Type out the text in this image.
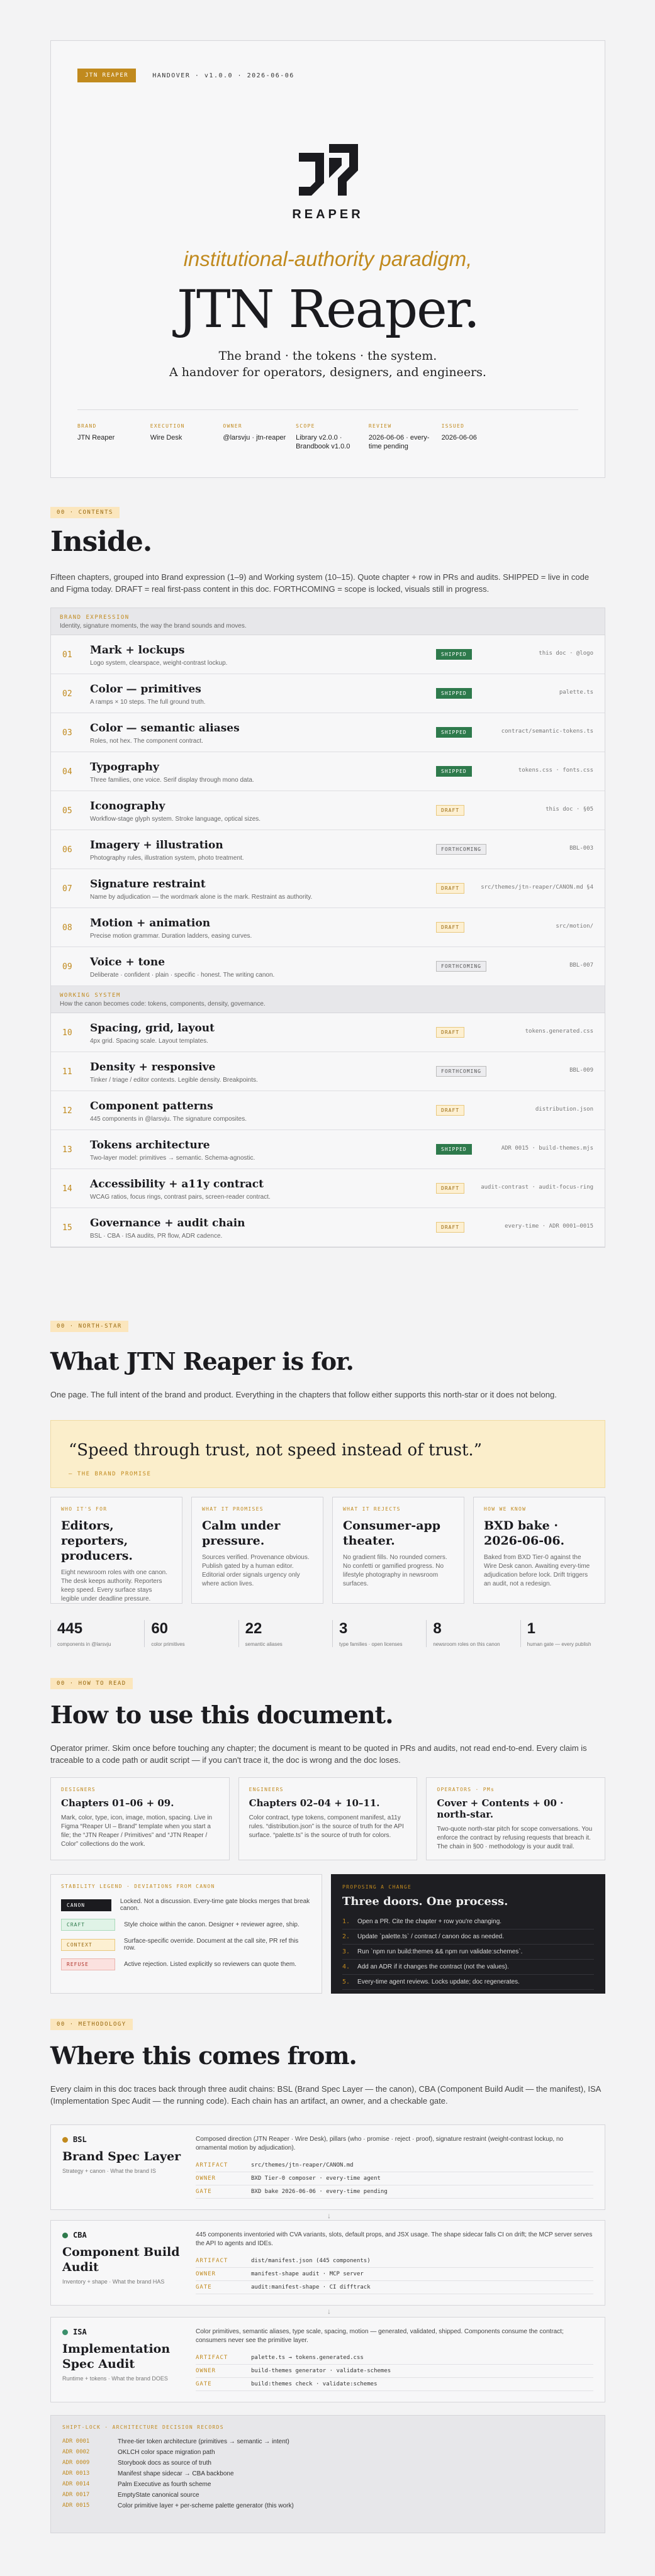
JTN REAPER	HANDOVER · v1.0.0 · 2026-06-06
REAPER
institutional-authority paradigm,
JTN Reaper.
The brand · the tokens · the system.
A handover for operators, designers, and engineers.
BRAND
JTN Reaper
EXECUTION
Wire Desk
OWNER
@larsvju · jtn-reaper
SCOPE
Library v2.0.0 · Brandbook v1.0.0
REVIEW
2026-06-06 · every-time pending
ISSUED
2026-06-06
00 · CONTENTS
Inside.

Fifteen chapters, grouped into Brand expression (1–9) and Working system (10–15). Quote chapter + row in PRs and audits. SHIPPED = live in code and Figma today. DRAFT = real first-pass content in this doc. FORTHCOMING = scope is locked, visuals still in progress.

BRAND EXPRESSION
Identity, signature moments, the way the brand sounds and moves.
01 Mark + lockups
Logo system, clearspace, weight-contrast lockup.
SHIPPED	this doc · @logo
02 Color — primitives
A ramps × 10 steps. The full ground truth.
SHIPPED	palette.ts
03 Color — semantic aliases
Roles, not hex. The component contract.
SHIPPED	contract/semantic-tokens.ts
04 Typography
Three families, one voice. Serif display through mono data.
SHIPPED	tokens.css · fonts.css
05 Iconography
Workflow-stage glyph system. Stroke language, optical sizes.
DRAFT	this doc · §05
06 Imagery + illustration
Photography rules, illustration system, photo treatment.
FORTHCOMING	BBL-003
07 Signature restraint
Name by adjudication — the wordmark alone is the mark. Restraint as authority.
DRAFT	src/themes/jtn-reaper/CANON.md §4
08 Motion + animation
Precise motion grammar. Duration ladders, easing curves.
DRAFT	src/motion/
09 Voice + tone
Deliberate · confident · plain · specific · honest. The writing canon.
FORTHCOMING	BBL-007
WORKING SYSTEM
How the canon becomes code: tokens, components, density, governance.
10 Spacing, grid, layout
4px grid. Spacing scale. Layout templates.
DRAFT	tokens.generated.css
11 Density + responsive
Tinker / triage / editor contexts. Legible density. Breakpoints.
FORTHCOMING	BBL-009
12 Component patterns
445 components in @larsvju. The signature composites.
DRAFT	distribution.json
13 Tokens architecture
Two-layer model: primitives → semantic. Schema-agnostic.
SHIPPED	ADR 0015 · build-themes.mjs
14 Accessibility + a11y contract
WCAG ratios, focus rings, contrast pairs, screen-reader contract.
DRAFT	audit-contrast · audit-focus-ring
15 Governance + audit chain
BSL · CBA · ISA audits, PR flow, ADR cadence.
DRAFT	every-time · ADR 0001–0015
00 · NORTH-STAR
What JTN Reaper is for.

One page. The full intent of the brand and product. Everything in the chapters that follow either supports this north-star or it does not belong.

“Speed through trust, not speed instead of trust.”
— THE BRAND PROMISE
WHO IT'S FOR
Editors, reporters, producers.
Eight newsroom roles with one canon. The desk keeps authority. Reporters keep speed. Every surface stays legible under deadline pressure.
WHAT IT PROMISES
Calm under pressure.
Sources verified. Provenance obvious. Publish gated by a human editor. Editorial order signals urgency only where action lives.
WHAT IT REJECTS
Consumer-app theater.
No gradient fills. No rounded corners. No confetti or gamified progress. No lifestyle photography in newsroom surfaces.
HOW WE KNOW
BXD bake · 2026-06-06.
Baked from BXD Tier-0 against the Wire Desk canon. Awaiting every-time adjudication before lock. Drift triggers an audit, not a redesign.
445
components in @larsvju
60
color primitives
22
semantic aliases
3
type families · open licenses
8
newsroom roles on this canon
1
human gate — every publish
00 · HOW TO READ
How to use this document.

Operator primer. Skim once before touching any chapter; the document is meant to be quoted in PRs and audits, not read end-to-end. Every claim is traceable to a code path or audit script — if you can't trace it, the doc is wrong and the doc loses.

DESIGNERS
Chapters 01–06 + 09.
Mark, color, type, icon, image, motion, spacing. Live in Figma “Reaper UI – Brand” template when you start a file; the “JTN Reaper / Primitives” and “JTN Reaper / Color” collections do the work.
ENGINEERS
Chapters 02–04 + 10–11.
Color contract, type tokens, component manifest, a11y rules. “distribution.json” is the source of truth for the API surface. “palette.ts” is the source of truth for colors.
OPERATORS · PMs
Cover + Contents + 00 · north-star.
Two-quote north-star pitch for scope conversations. You enforce the contract by refusing requests that breach it. The chain in §00 · methodology is your audit trail.
STABILITY LEGEND · DEVIATIONS FROM CANON
CANON	Locked. Not a discussion. Every-time gate blocks merges that break canon.
CRAFT	Style choice within the canon. Designer + reviewer agree, ship.
CONTEXT	Surface-specific override. Document at the call site, PR ref this row.
REFUSE	Active rejection. Listed explicitly so reviewers can quote them.
PROPOSING A CHANGE
Three doors. One process.
1. Open a PR. Cite the chapter + row you're changing.
2. Update `palette.ts` / contract / canon doc as needed.
3. Run `npm run build:themes && npm run validate:schemes`.
4. Add an ADR if it changes the contract (not the values).
5. Every-time agent reviews. Locks update; doc regenerates.
00 · METHODOLOGY
Where this comes from.

Every claim in this doc traces back through three audit chains: BSL (Brand Spec Layer — the canon), CBA (Component Build Audit — the manifest), ISA (Implementation Spec Audit — the running code). Each chain has an artifact, an owner, and a checkable gate.

BSL
Brand Spec Layer
Strategy + canon · What the brand IS
Composed direction (JTN Reaper · Wire Desk), pillars (who · promise · reject · proof), signature restraint (weight-contrast lockup, no ornamental motion by adjudication).
ARTIFACT	src/themes/jtn-reaper/CANON.md
OWNER	BXD Tier-0 composer · every-time agent
GATE	BXD bake 2026-06-06 · every-time pending
↓
CBA
Component Build Audit
Inventory + shape · What the brand HAS
445 components inventoried with CVA variants, slots, default props, and JSX usage. The shape sidecar falls CI on drift; the MCP server serves the API to agents and IDEs.
ARTIFACT	dist/manifest.json (445 components)
OWNER	manifest-shape audit · MCP server
GATE	audit:manifest-shape · CI difftrack
↓
ISA
Implementation Spec Audit
Runtime + tokens · What the brand DOES
Color primitives, semantic aliases, type scale, spacing, motion — generated, validated, shipped. Components consume the contract; consumers never see the primitive layer.
ARTIFACT	palette.ts → tokens.generated.css
OWNER	build-themes generator · validate-schemes
GATE	build:themes check · validate:schemes
SHIPT-LOCK · ARCHITECTURE DECISION RECORDS
ADR 0001	Three-tier token architecture (primitives → semantic → intent)
ADR 0002	OKLCH color space migration path
ADR 0009	Storybook docs as source of truth
ADR 0013	Manifest shape sidecar → CBA backbone
ADR 0014	Palm Executive as fourth scheme
ADR 0017	EmptyState canonical source
ADR 0015	Color primitive layer + per-scheme palette generator (this work)
